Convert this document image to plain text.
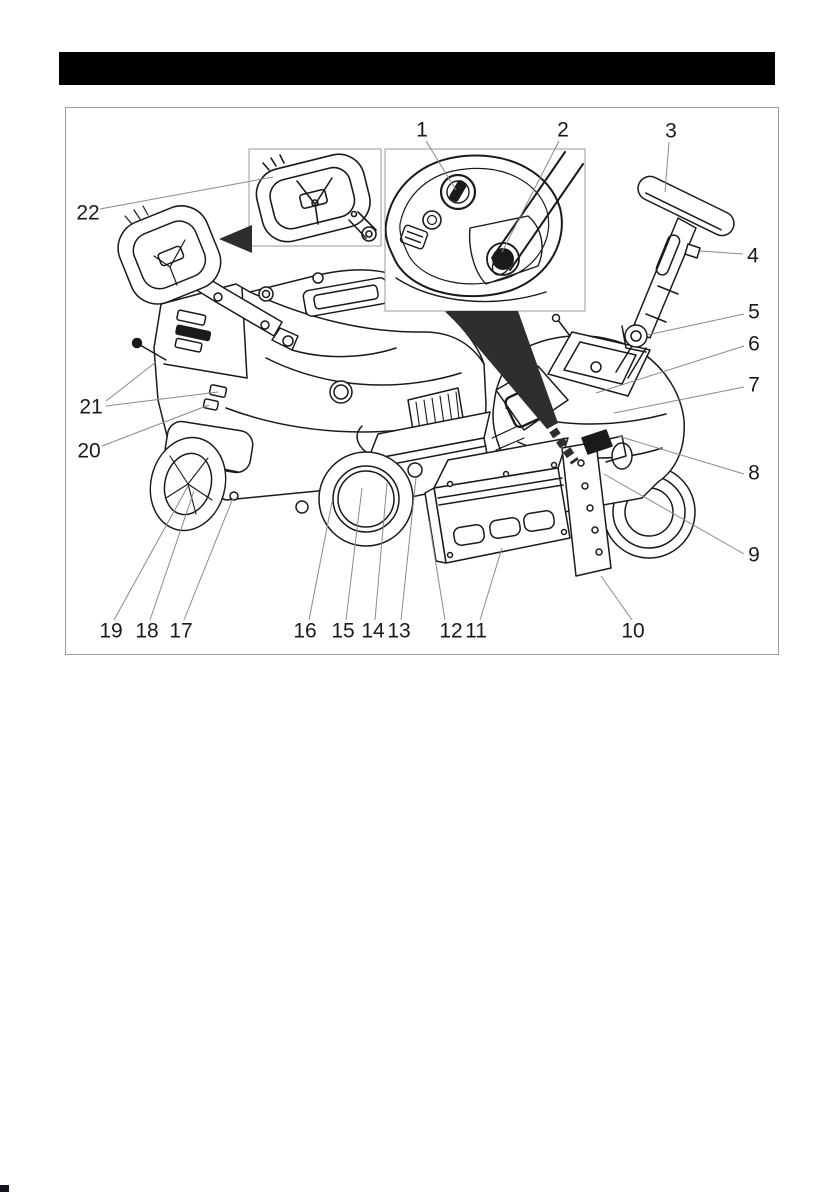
1	2	3
4
5
6
7
8
9
10
11
12
13
14
15
16
17
18
19
20
21
22
